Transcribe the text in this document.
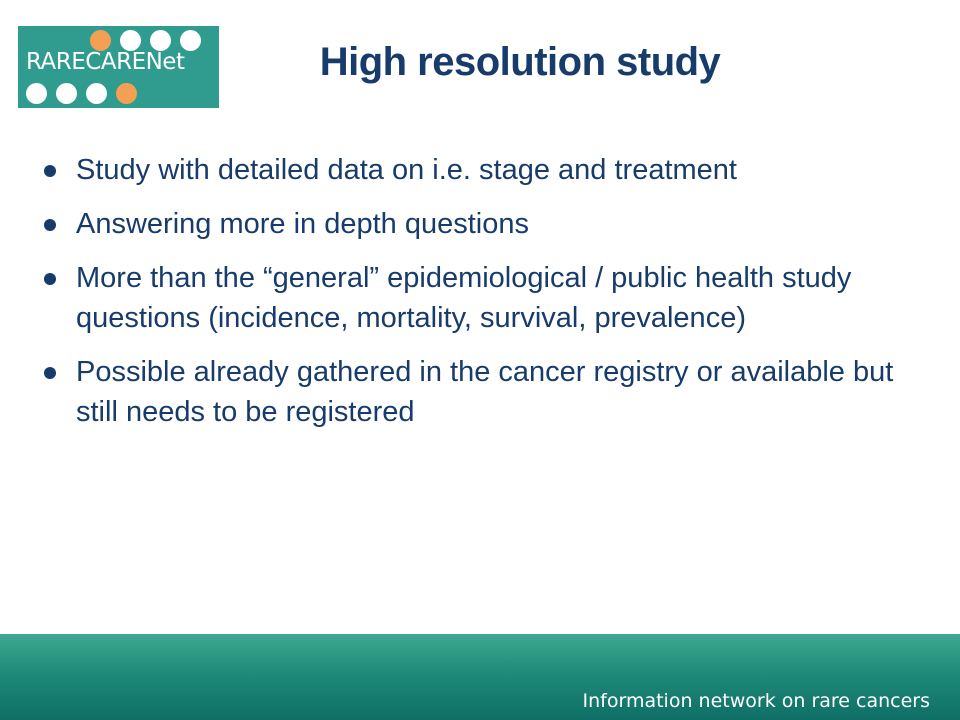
RARECARENet	High resolution study
Study with detailed data on i.e. stage and treatment
Answering more in depth questions
More than the “general” epidemiological / public health study questions (incidence, mortality, survival, prevalence)
Possible already gathered in the cancer registry or available but still needs to be registered
Information network on rare cancers
